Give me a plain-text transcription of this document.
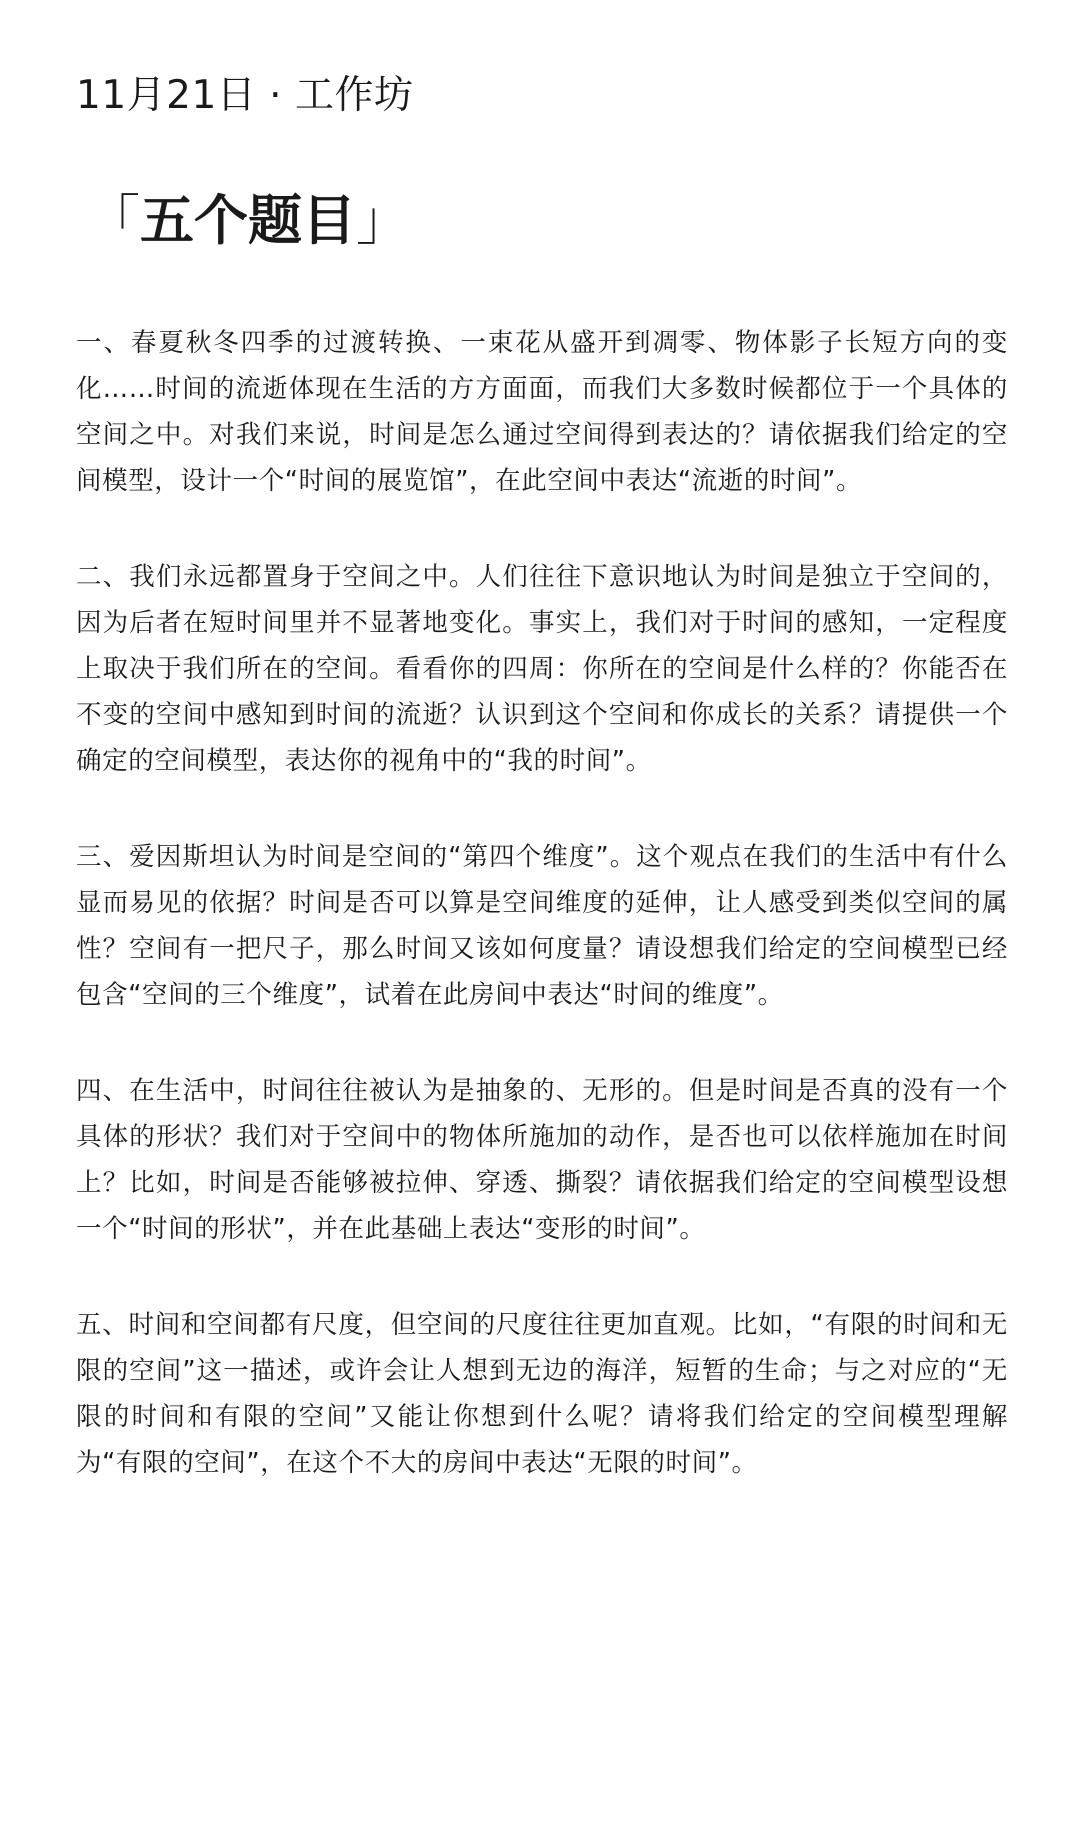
11月21日 · 工作坊
「五个题目」

一、春夏秋冬四季的过渡转换、一束花从盛开到凋零、物体影子长短方向的变化……时间的流逝体现在生活的方方面面，而我们大多数时候都位于一个具体的空间之中。对我们来说，时间是怎么通过空间得到表达的？请依据我们给定的空间模型，设计一个“时间的展览馆”，在此空间中表达“流逝的时间”。

二、我们永远都置身于空间之中。人们往往下意识地认为时间是独立于空间的，因为后者在短时间里并不显著地变化。事实上，我们对于时间的感知，一定程度上取决于我们所在的空间。看看你的四周：你所在的空间是什么样的？你能否在不变的空间中感知到时间的流逝？认识到这个空间和你成长的关系？请提供一个确定的空间模型，表达你的视角中的“我的时间”。

三、爱因斯坦认为时间是空间的“第四个维度”。这个观点在我们的生活中有什么显而易见的依据？时间是否可以算是空间维度的延伸，让人感受到类似空间的属性？空间有一把尺子，那么时间又该如何度量？请设想我们给定的空间模型已经包含“空间的三个维度”，试着在此房间中表达“时间的维度”。

四、在生活中，时间往往被认为是抽象的、无形的。但是时间是否真的没有一个具体的形状？我们对于空间中的物体所施加的动作，是否也可以依样施加在时间上？比如，时间是否能够被拉伸、穿透、撕裂？请依据我们给定的空间模型设想一个“时间的形状”，并在此基础上表达“变形的时间”。

五、时间和空间都有尺度，但空间的尺度往往更加直观。比如，“有限的时间和无限的空间”这一描述，或许会让人想到无边的海洋，短暂的生命；与之对应的“无限的时间和有限的空间”又能让你想到什么呢？请将我们给定的空间模型理解为“有限的空间”，在这个不大的房间中表达“无限的时间”。
